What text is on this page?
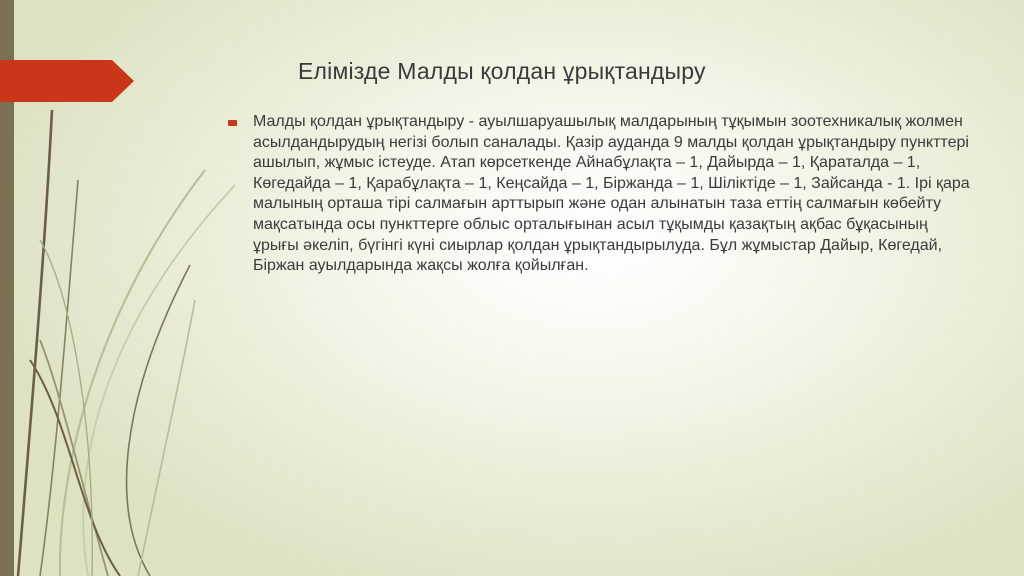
Елімізде Малды қолдан ұрықтандыру
Малды қолдан ұрықтандыру - ауылшаруашылық малдарының тұқымын зоотехникалық жолмен асылдандырудың негізі болып саналады. Қазір ауданда 9 малды қолдан ұрықтандыру пункттері ашылып, жұмыс істеуде. Атап көрсеткенде Айнабұлақта – 1, Дайырда – 1, Қараталда – 1, Көгедайда – 1, Қарабұлақта – 1, Кеңсайда – 1, Біржанда – 1, Шіліктіде – 1, Зайсанда - 1. Ірі қара малының орташа тірі салмағын арттырып және одан алынатын таза еттің салмағын көбейту мақсатында осы пункттерге облыс орталығынан асыл тұқымды қазақтың ақбас бұқасының ұрығы әкеліп, бүгінгі күні сиырлар қолдан ұрықтандырылуда. Бұл жұмыстар Дайыр, Көгедай, Біржан ауылдарында жақсы жолға қойылған.
